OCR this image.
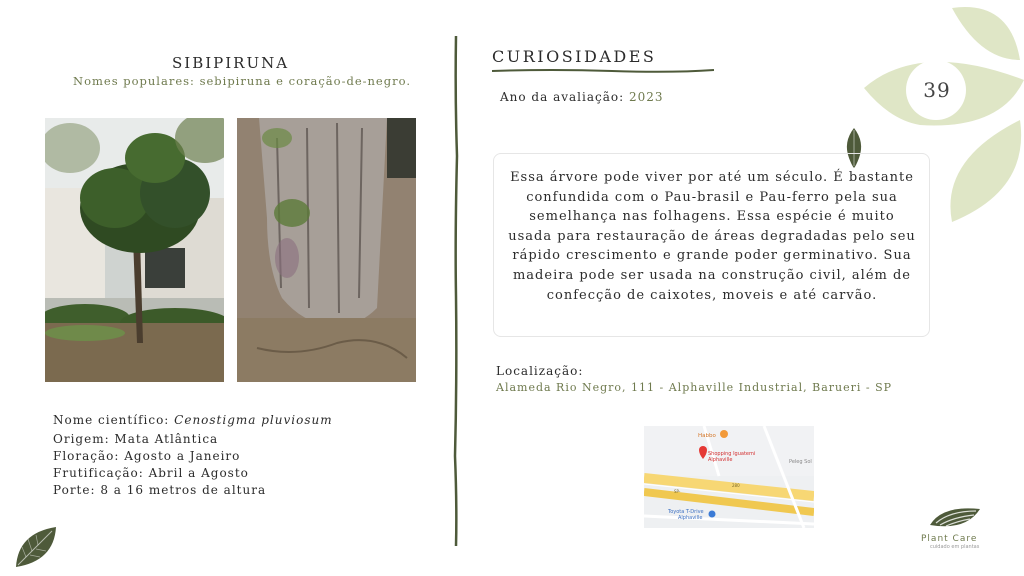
SIBIPIRUNA
Nomes populares: sebipiruna e coração-de-negro.
Nome científico: Cenostigma pluviosum
Origem: Mata Atlântica
Floração: Agosto a Janeiro
Frutificação: Abril a Agosto
Porte: 8 a 16 metros de altura
CURIOSIDADES
Ano da avaliação: 2023
Essa árvore pode viver por até um século. É bastante confundida com o Pau-brasil e Pau-ferro pela sua semelhança nas folhagens. Essa espécie é muito usada para restauração de áreas degradadas pelo seu rápido crescimento e grande poder germinativo. Sua madeira pode ser usada na construção civil, além de confecção de caixotes, moveis e até carvão.
Localização:
Alameda Rio Negro, 111 - Alphaville Industrial, Barueri - SP
Habbo
Shopping Iguatemi
Alphaville	Peleg Sol
SP-
280
Toyota T-Drive
Alphaville
39
Plant Care
cuidado em plantas
